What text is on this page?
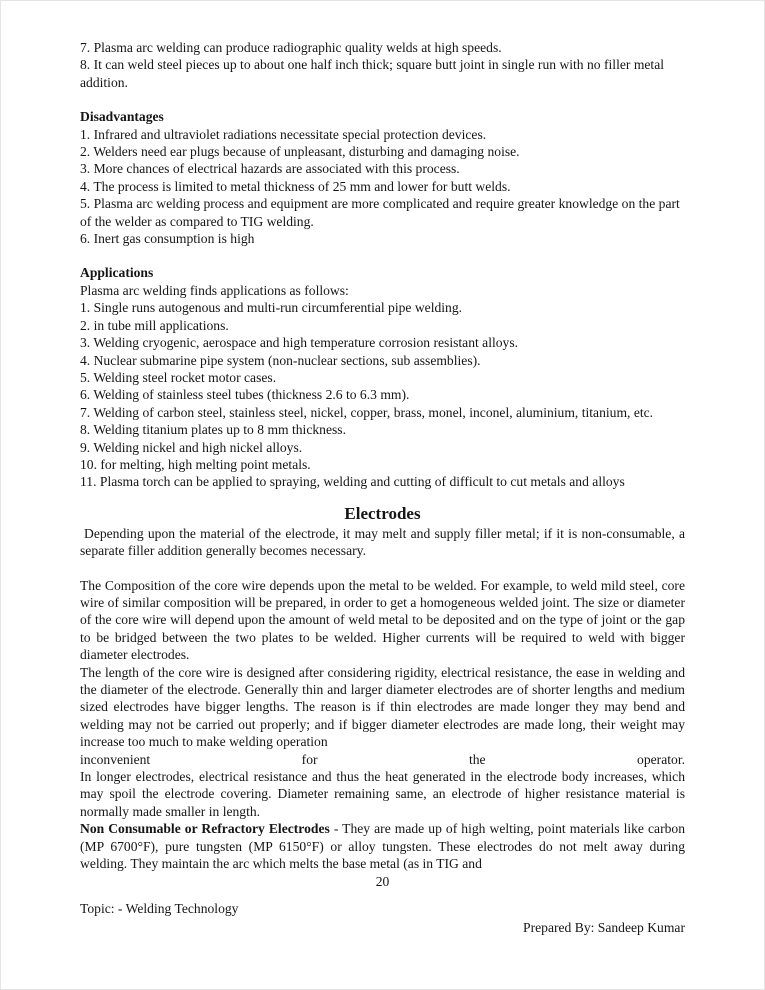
7. Plasma arc welding can produce radiographic quality welds at high speeds.

8. It can weld steel pieces up to about one half inch thick; square butt joint in single run with no filler metal addition.

Disadvantages

1. Infrared and ultraviolet radiations necessitate special protection devices.

2. Welders need ear plugs because of unpleasant, disturbing and damaging noise.

3. More chances of electrical hazards are associated with this process.

4. The process is limited to metal thickness of 25 mm and lower for butt welds.

5. Plasma arc welding process and equipment are more complicated and require greater knowledge on the part of the welder as compared to TIG welding.

6. Inert gas consumption is high

Applications

Plasma arc welding finds applications as follows:

1. Single runs autogenous and multi-run circumferential pipe welding.

2. in tube mill applications.

3. Welding cryogenic, aerospace and high temperature corrosion resistant alloys.

4. Nuclear submarine pipe system (non-nuclear sections, sub assemblies).

5. Welding steel rocket motor cases.

6. Welding of stainless steel tubes (thickness 2.6 to 6.3 mm).

7. Welding of carbon steel, stainless steel, nickel, copper, brass, monel, inconel, aluminium, titanium, etc.

8. Welding titanium plates up to 8 mm thickness.

9. Welding nickel and high nickel alloys.

10. for melting, high melting point metals.

11. Plasma torch can be applied to spraying, welding and cutting of difficult to cut metals and alloys

Electrodes

Depending upon the material of the electrode, it may melt and supply filler metal; if it is non-consumable, a separate filler addition generally becomes necessary.

The Composition of the core wire depends upon the metal to be welded. For example, to weld mild steel, core wire of similar composition will be prepared, in order to get a homogeneous welded joint. The size or diameter of the core wire will depend upon the amount of weld metal to be deposited and on the type of joint or the gap to be bridged between the two plates to be welded. Higher currents will be required to weld with bigger diameter electrodes.

The length of the core wire is designed after considering rigidity, electrical resistance, the ease in welding and the diameter of the electrode. Generally thin and larger diameter electrodes are of shorter lengths and medium sized electrodes have bigger lengths. The reason is if thin electrodes are made longer they may bend and welding may not be carried out properly; and if bigger diameter electrodes are made long, their weight may increase too much to make welding operation

inconvenient for the operator.

In longer electrodes, electrical resistance and thus the heat generated in the electrode body increases, which may spoil the electrode covering. Diameter remaining same, an electrode of higher resistance material is normally made smaller in length.

Non Consumable or Refractory Electrodes - They are made up of high welting, point materials like carbon (MP 6700°F), pure tungsten (MP 6150°F) or alloy tungsten. These electrodes do not melt away during welding. They maintain the arc which melts the base metal (as in TIG and

20

Topic: - Welding Technology

Prepared By: Sandeep Kumar
